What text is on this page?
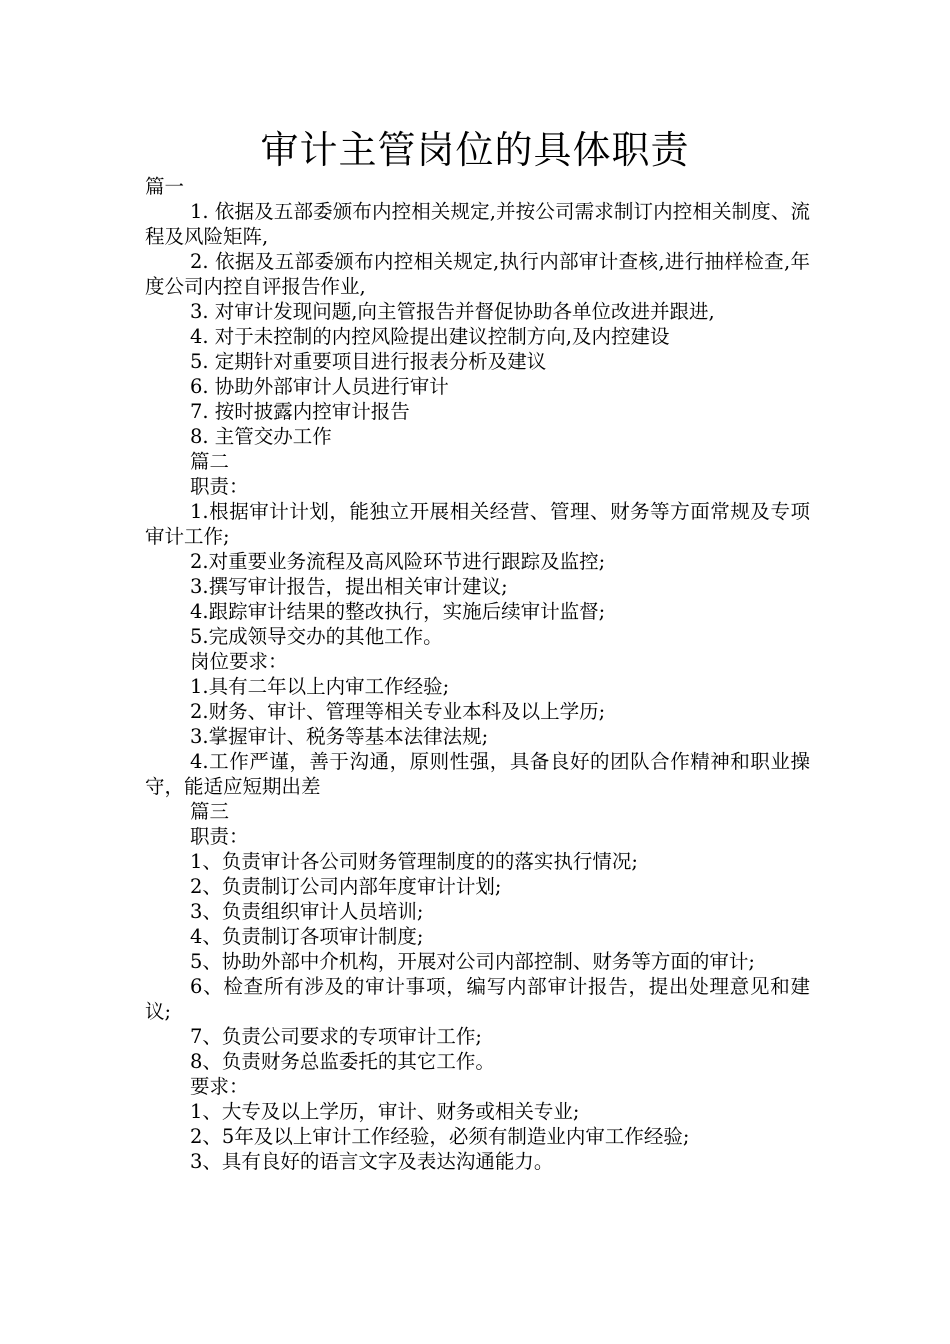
审计主管岗位的具体职责

篇一

1. 依据及五部委颁布内控相关规定,并按公司需求制订内控相关制度、流程及风险矩阵,

2. 依据及五部委颁布内控相关规定,执行内部审计查核,进行抽样检查,年度公司内控自评报告作业,

3. 对审计发现问题,向主管报告并督促协助各单位改进并跟进,

4. 对于未控制的内控风险提出建议控制方向,及内控建设

5. 定期针对重要项目进行报表分析及建议

6. 协助外部审计人员进行审计

7. 按时披露内控审计报告

8. 主管交办工作

篇二

职责：

1.根据审计计划，能独立开展相关经营、管理、财务等方面常规及专项审计工作;

2.对重要业务流程及高风险环节进行跟踪及监控;

3.撰写审计报告，提出相关审计建议;

4.跟踪审计结果的整改执行，实施后续审计监督;

5.完成领导交办的其他工作。

岗位要求：

1.具有二年以上内审工作经验;

2.财务、审计、管理等相关专业本科及以上学历;

3.掌握审计、税务等基本法律法规;

4.工作严谨，善于沟通，原则性强，具备良好的团队合作精神和职业操守，能适应短期出差

篇三

职责：

1、负责审计各公司财务管理制度的的落实执行情况;

2、负责制订公司内部年度审计计划;

3、负责组织审计人员培训;

4、负责制订各项审计制度;

5、协助外部中介机构，开展对公司内部控制、财务等方面的审计;

6、检查所有涉及的审计事项，编写内部审计报告，提出处理意见和建议;

7、负责公司要求的专项审计工作;

8、负责财务总监委托的其它工作。

要求：

1、大专及以上学历，审计、财务或相关专业;

2、5年及以上审计工作经验，必须有制造业内审工作经验;

3、具有良好的语言文字及表达沟通能力。
